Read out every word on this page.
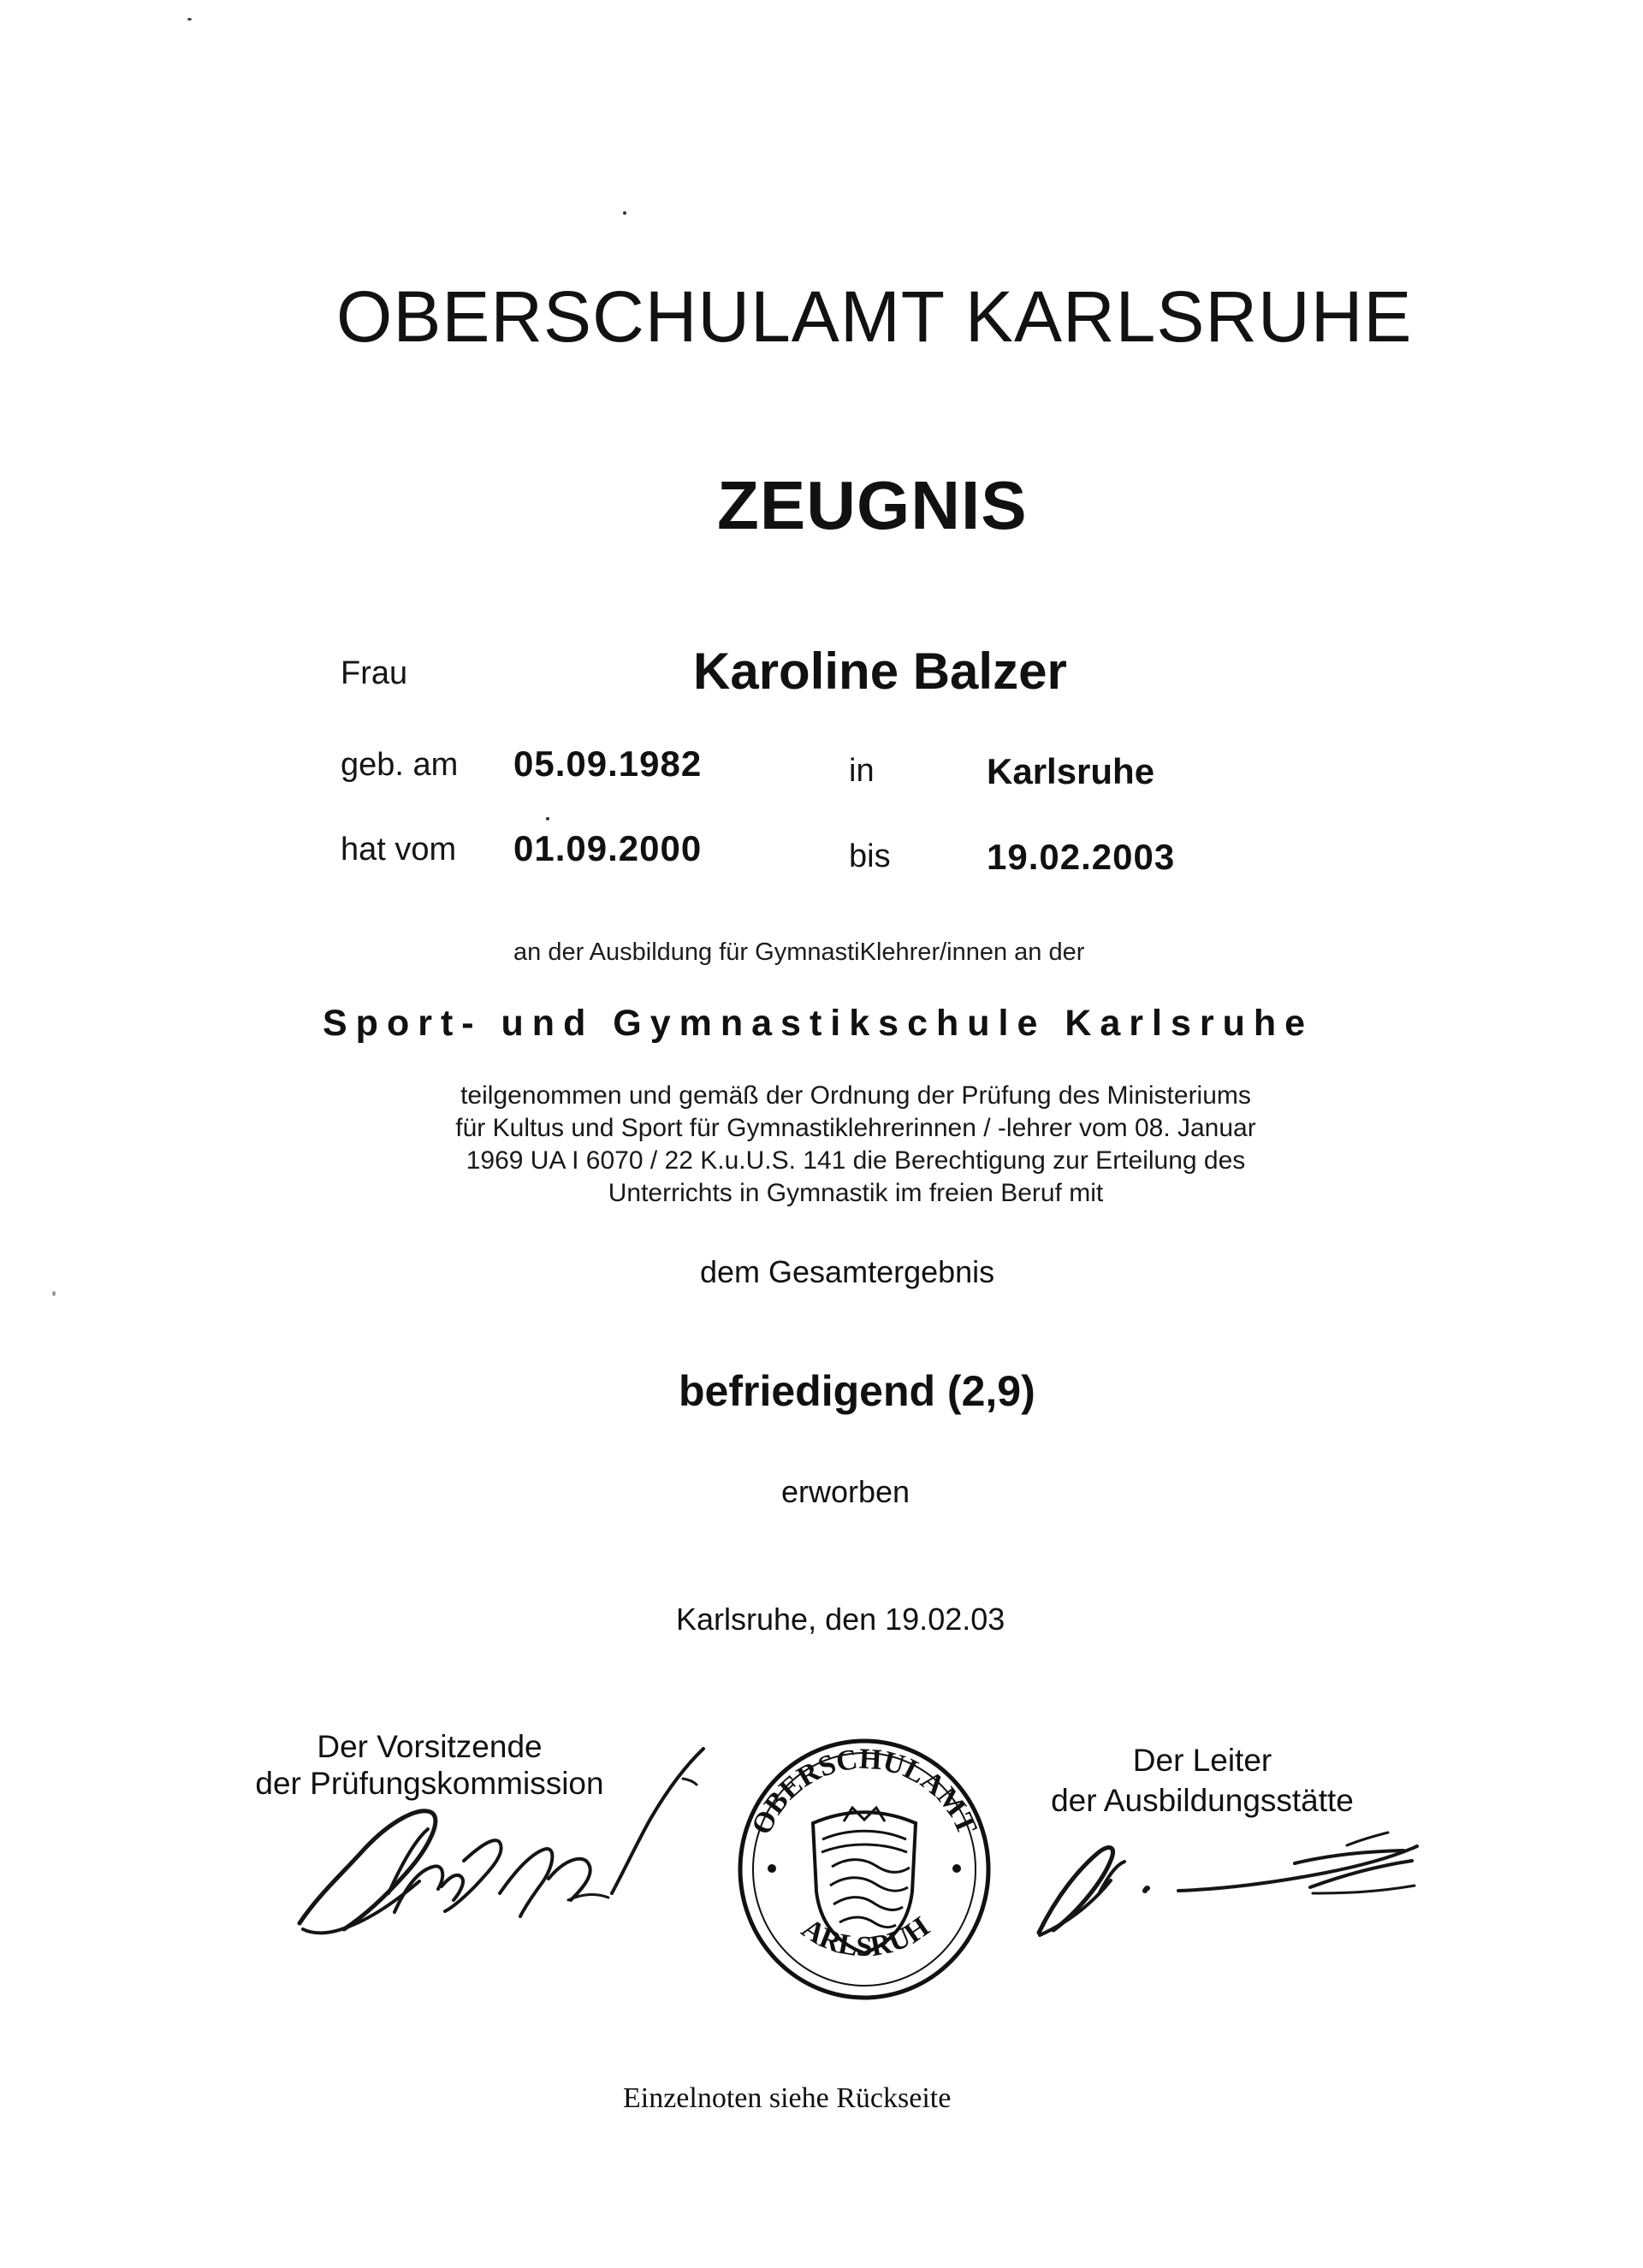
OBERSCHULAMT KARLSRUHE
ZEUGNIS
Frau	Karoline Balzer
geb. am 05.09.1982	in	Karlsruhe
hat vom 01.09.2000	bis	19.02.2003
an der Ausbildung für GymnastiKlehrer/innen an der
Sport- und Gymnastikschule Karlsruhe
teilgenommen und gemäß der Ordnung der Prüfung des Ministeriums
für Kultus und Sport für Gymnastiklehrerinnen / -lehrer vom 08. Januar
1969 UA I 6070 / 22 K.u.U.S. 141 die Berechtigung zur Erteilung des
Unterrichts in Gymnastik im freien Beruf mit
dem Gesamtergebnis
befriedigend (2,9)
erworben
Karlsruhe, den 19.02.03
Der Vorsitzende
der Prüfungskommission
Der Leiter
der Ausbildungsstätte
OBERSCHULAMT
ARLSRUH
Einzelnoten siehe Rückseite
